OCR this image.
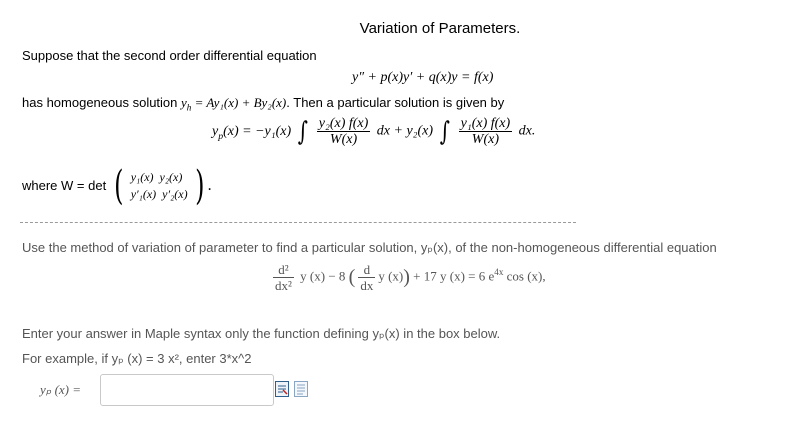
Variation of Parameters.
Suppose that the second order differential equation
y″ + p(x)y′ + q(x)y = f(x)
has homogeneous solution $y_h = Ay_1(x) + By_2(x)$. Then a particular solution is given by
$y_p(x) = -y_1(x)$ ∫ $\frac{\text{y₂(x) f(x)}}{W(x)}$ dx + y₂(x) ∫ $\frac{\text{y₁(x) f(x)}}{W(x)}$ dx.
where W = det ( y₁(x) y₂(x)
y′₁(x) y′₂(x) ) .
Use the method of variation of parameter to find a particular solution, yₚ(x), of the non-homogeneous differential equation
$\frac{\text{d²}}{\text{dx²}}$ y (x) − 8 ( $\frac{d}{dx}$ y (x)) + 17 y (x) = 6 $e^{4x}$ cos (x),
Enter your answer in Maple syntax only the function defining yₚ(x) in the box below.
For example, if yₚ (x) = 3 x², enter 3*x^2
yₚ (x) =
